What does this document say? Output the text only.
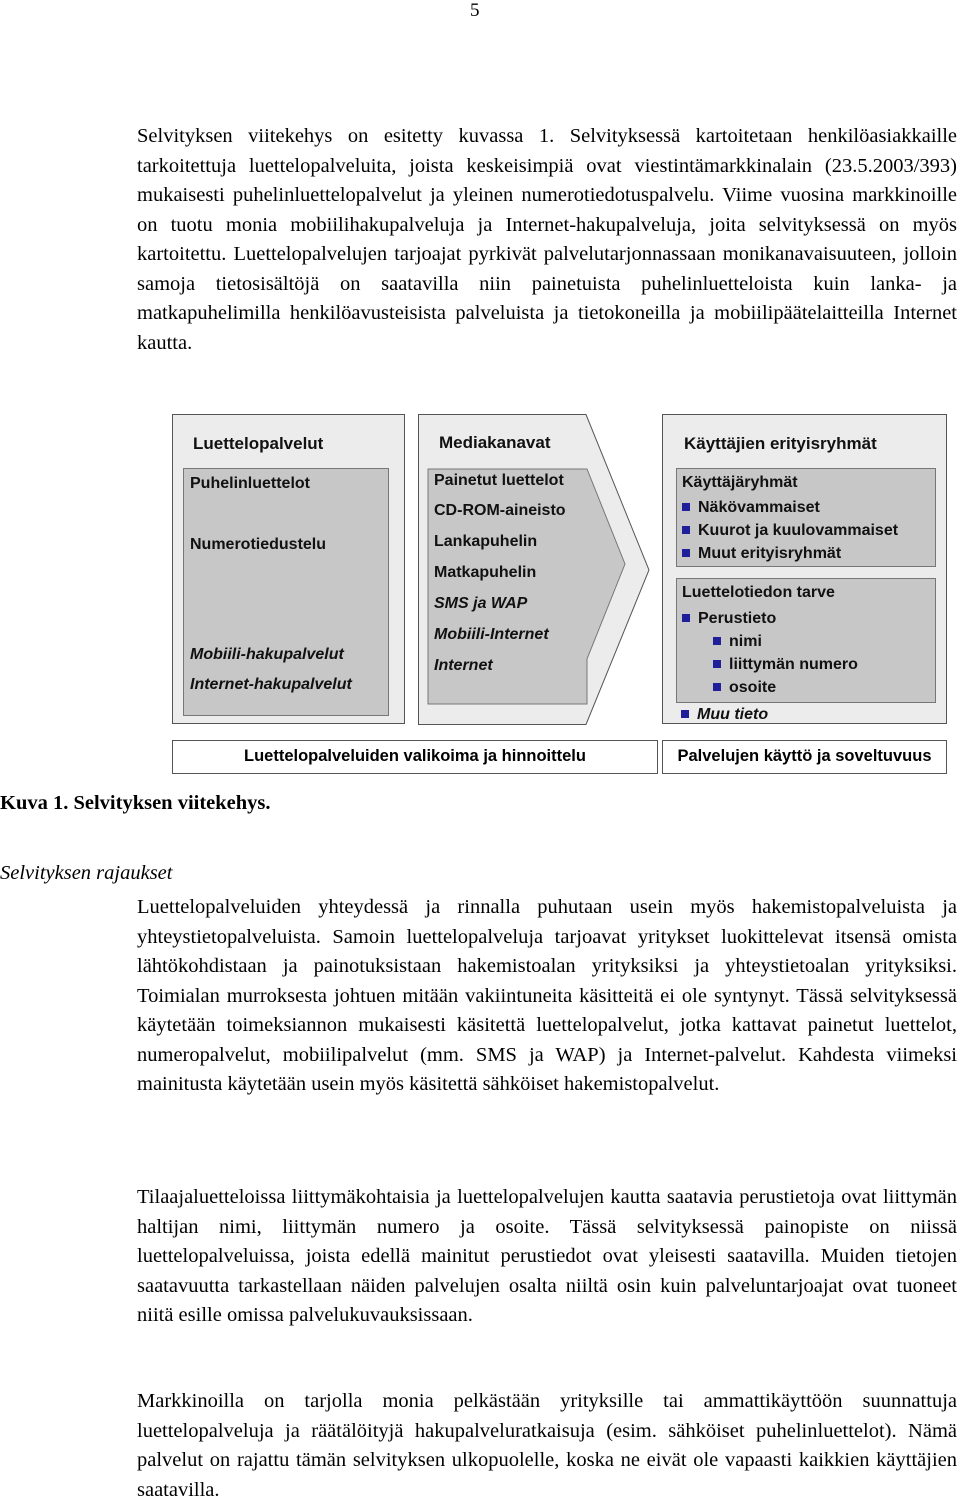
5

Selvityksen viitekehys on esitetty kuvassa 1. Selvityksessä kartoitetaan henkilöasiakkaille tarkoitettuja luettelopalveluita, joista keskeisimpiä ovat viestintämarkkinalain (23.5.2003/393) mukaisesti puhelinluettelopalvelut ja yleinen numerotiedotuspalvelu. Viime vuosina markkinoille on tuotu monia mobiilihakupalveluja ja Internet-hakupalveluja, joita selvityksessä on myös kartoitettu. Luettelopalvelujen tarjoajat pyrkivät palvelutarjonnassaan monikanavaisuuteen, jolloin samoja tietosisältöjä on saatavilla niin painetuista puhelinluetteloista kuin lanka- ja matkapuhelimilla henkilöavusteisista palveluista ja tietokoneilla ja mobiilipäätelaitteilla Internet kautta.

Luettelopalvelut
Puhelinluettelot
Numerotiedustelu
Mobiili-hakupalvelut
Internet-hakupalvelut
Mediakanavat
Painetut luettelot
CD-ROM-aineisto
Lankapuhelin
Matkapuhelin
SMS ja WAP
Mobiili-Internet
Internet
Käyttäjien erityisryhmät
Käyttäjäryhmät
Näkövammaiset
Kuurot ja kuulovammaiset
Muut erityisryhmät
Luettelotiedon tarve
Perustieto
nimi
liittymän numero
osoite
Muu tieto
Luettelopalveluiden valikoima ja hinnoittelu	Palvelujen käyttö ja soveltuvuus
Kuva 1. Selvityksen viitekehys.
Selvityksen rajaukset

Luettelopalveluiden yhteydessä ja rinnalla puhutaan usein myös hakemistopalveluista ja yhteystietopalveluista. Samoin luettelopalveluja tarjoavat yritykset luokittelevat itsensä omista lähtökohdistaan ja painotuksistaan hakemistoalan yrityksiksi ja yhteystietoalan yrityksiksi. Toimialan murroksesta johtuen mitään vakiintuneita käsitteitä ei ole syntynyt. Tässä selvityksessä käytetään toimeksiannon mukaisesti käsitettä luettelopalvelut, jotka kattavat painetut luettelot, numeropalvelut, mobiilipalvelut (mm. SMS ja WAP) ja Internet-palvelut. Kahdesta viimeksi mainitusta käytetään usein myös käsitettä sähköiset hakemistopalvelut.

Tilaajaluetteloissa liittymäkohtaisia ja luettelopalvelujen kautta saatavia perustietoja ovat liittymän haltijan nimi, liittymän numero ja osoite. Tässä selvityksessä painopiste on niissä luettelopalveluissa, joista edellä mainitut perustiedot ovat yleisesti saatavilla. Muiden tietojen saatavuutta tarkastellaan näiden palvelujen osalta niiltä osin kuin palveluntarjoajat ovat tuoneet niitä esille omissa palvelukuvauksissaan.

Markkinoilla on tarjolla monia pelkästään yrityksille tai ammattikäyttöön suunnattuja luettelopalveluja ja räätälöityjä hakupalveluratkaisuja (esim. sähköiset puhelinluettelot). Nämä palvelut on rajattu tämän selvityksen ulkopuolelle, koska ne eivät ole vapaasti kaikkien käyttäjien saatavilla.
